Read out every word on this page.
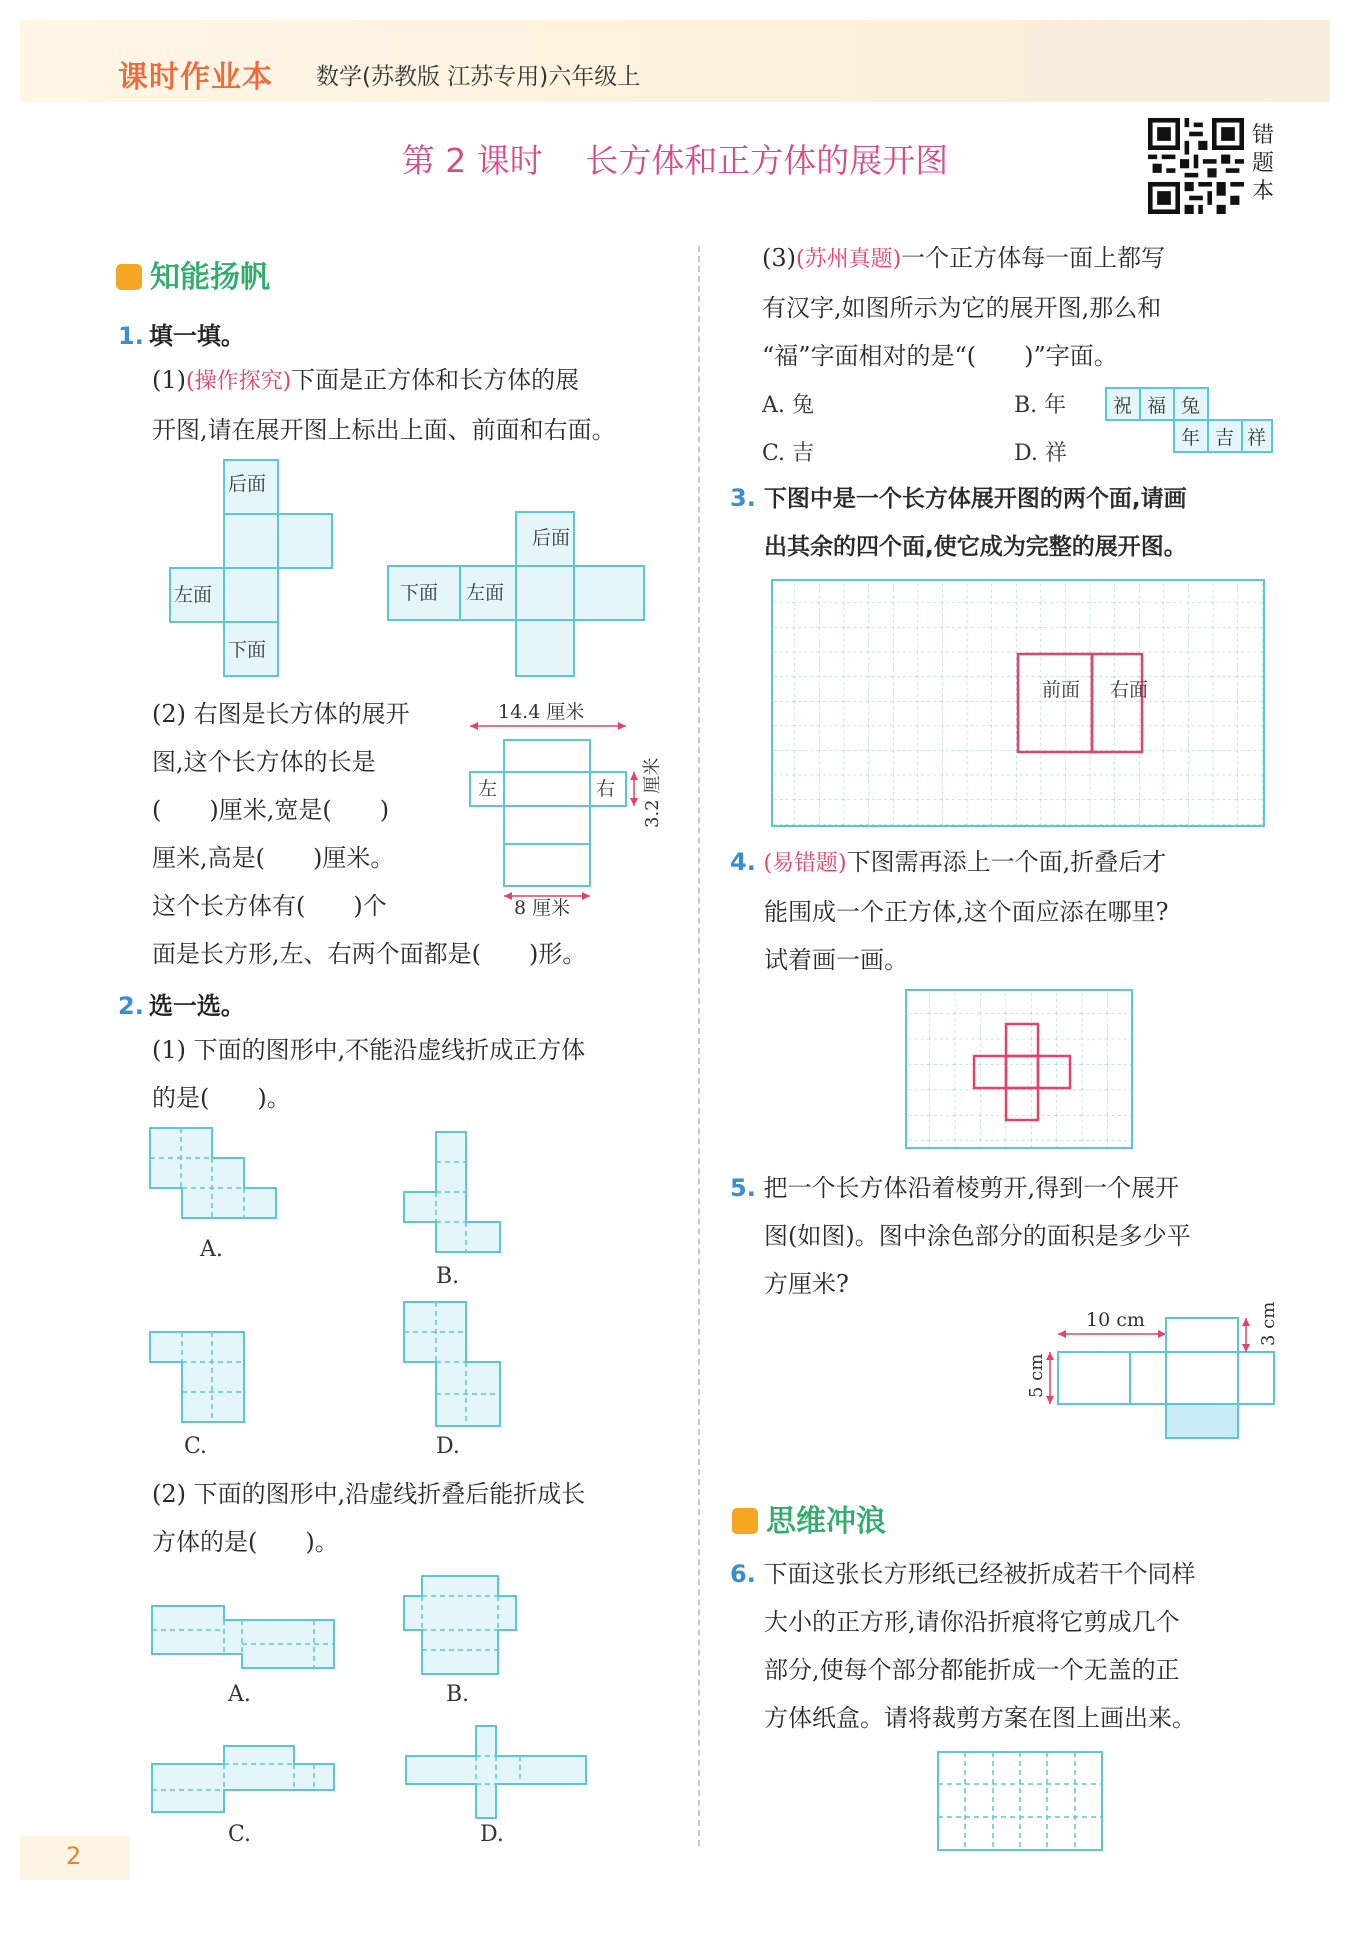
课时作业本 数学(苏教版 江苏专用)六年级上
第 2 课时 长方体和正方体的展开图
错题本
知能扬帆
1. 填一填。
(1)(操作探究)下面是正方体和长方体的展
开图,请在展开图上标出上面、前面和右面。
后面
左面
下面
后面
下面 左面
(2) 右图是长方体的展开
图,这个长方体的长是
(　　)厘米,宽是(　　)
厘米,高是(　　)厘米。
这个长方体有(　　)个
面是长方形,左、右两个面都是(　　)形。
14.4 厘米
左	右 3.2 厘米
8 厘米
2. 选一选。
(1) 下面的图形中,不能沿虚线折成正方体
的是(　　)。
A.
B.
C.	D.
(2) 下面的图形中,沿虚线折叠后能折成长
方体的是(　　)。
A.	B.
C.	D.
(3)(苏州真题)一个正方体每一面上都写
有汉字,如图所示为它的展开图,那么和
“福”字面相对的是“(　　)”字面。
A. 兔	B. 年
C. 吉	D. 祥
祝 福 兔
年 吉 祥
3. 下图中是一个长方体展开图的两个面,请画
出其余的四个面,使它成为完整的展开图。
前面 右面
4. (易错题)下图需再添上一个面,折叠后才
能围成一个正方体,这个面应添在哪里?
试着画一画。
5. 把一个长方体沿着棱剪开,得到一个展开
图(如图)。图中涂色部分的面积是多少平
方厘米?
10 cm	3 cm
5 cm
思维冲浪
6. 下面这张长方形纸已经被折成若干个同样
大小的正方形,请你沿折痕将它剪成几个
部分,使每个部分都能折成一个无盖的正
方体纸盒。请将裁剪方案在图上画出来。
2
